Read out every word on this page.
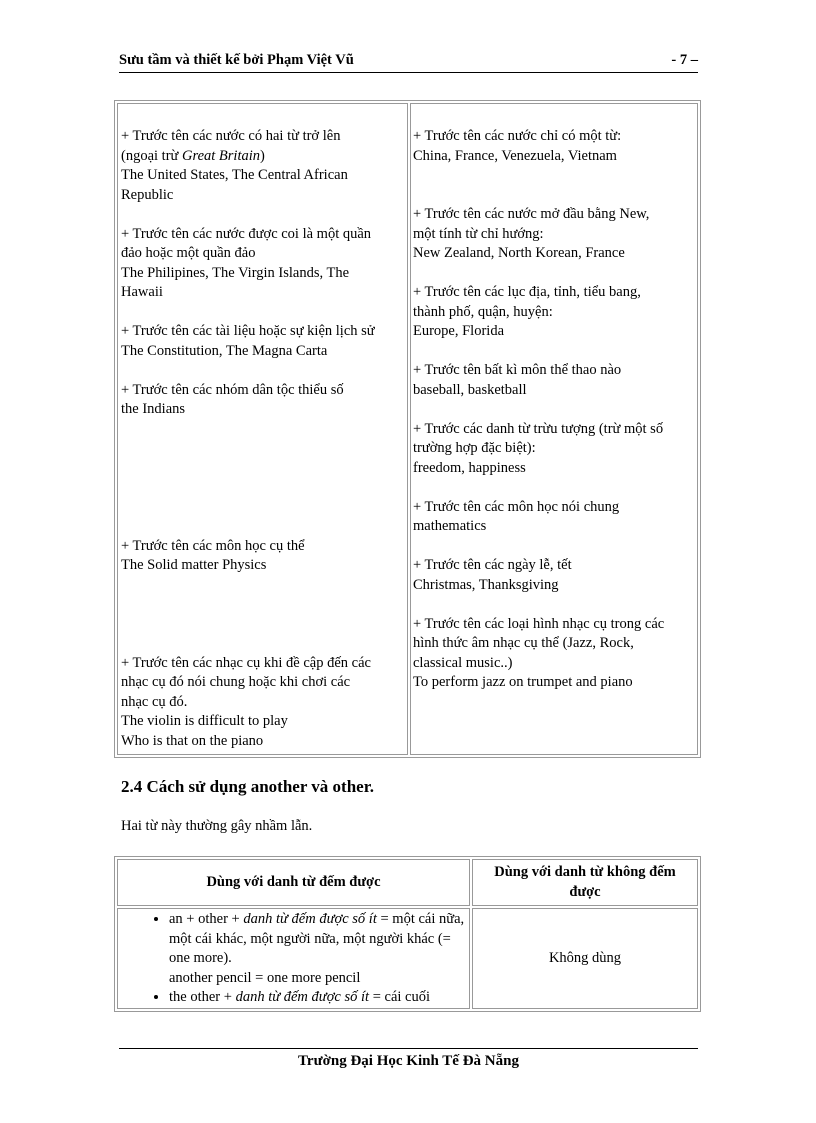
Sưu tầm và thiết kế bởi Phạm Việt Vũ	- 7 –

+ Trước tên các nước có hai từ trở lên

(ngoại trừ Great Britain)

The United States, The Central African

Republic

+ Trước tên các nước được coi là một quần

đảo hoặc một quần đảo

The Philipines, The Virgin Islands, The

Hawaii

+ Trước tên các tài liệu hoặc sự kiện lịch sử

The Constitution, The Magna Carta

+ Trước tên các nhóm dân tộc thiểu số

the Indians

+ Trước tên các môn học cụ thể

The Solid matter Physics

+ Trước tên các nhạc cụ khi đề cập đến các

nhạc cụ đó nói chung hoặc khi chơi các

nhạc cụ đó.

The violin is difficult to play

Who is that on the piano

+ Trước tên các nước chỉ có một từ:

China, France, Venezuela, Vietnam

+ Trước tên các nước mở đầu bằng New,

một tính từ chỉ hướng:

New Zealand, North Korean, France

+ Trước tên các lục địa, tỉnh, tiểu bang,

thành phố, quận, huyện:

Europe, Florida

+ Trước tên bất kì môn thể thao nào

baseball, basketball

+ Trước các danh từ trừu tượng (trừ một số

trường hợp đặc biệt):

freedom, happiness

+ Trước tên các môn học nói chung

mathematics

+ Trước tên các ngày lễ, tết

Christmas, Thanksgiving

+ Trước tên các loại hình nhạc cụ trong các

hình thức âm nhạc cụ thể (Jazz, Rock,

classical music..)

To perform jazz on trumpet and piano

2.4 Cách sử dụng another và other.
Hai từ này thường gây nhầm lẫn.
Dùng với danh từ đếm được
Dùng với danh từ không đếm được
• an + other + danh từ đếm được số ít = một cái nữa, một cái khác, một người nữa, một người khác (= one more).
another pencil = one more pencil
• the other + danh từ đếm được số ít = cái cuối
Không dùng
Trường Đại Học Kinh Tế Đà Nẵng
